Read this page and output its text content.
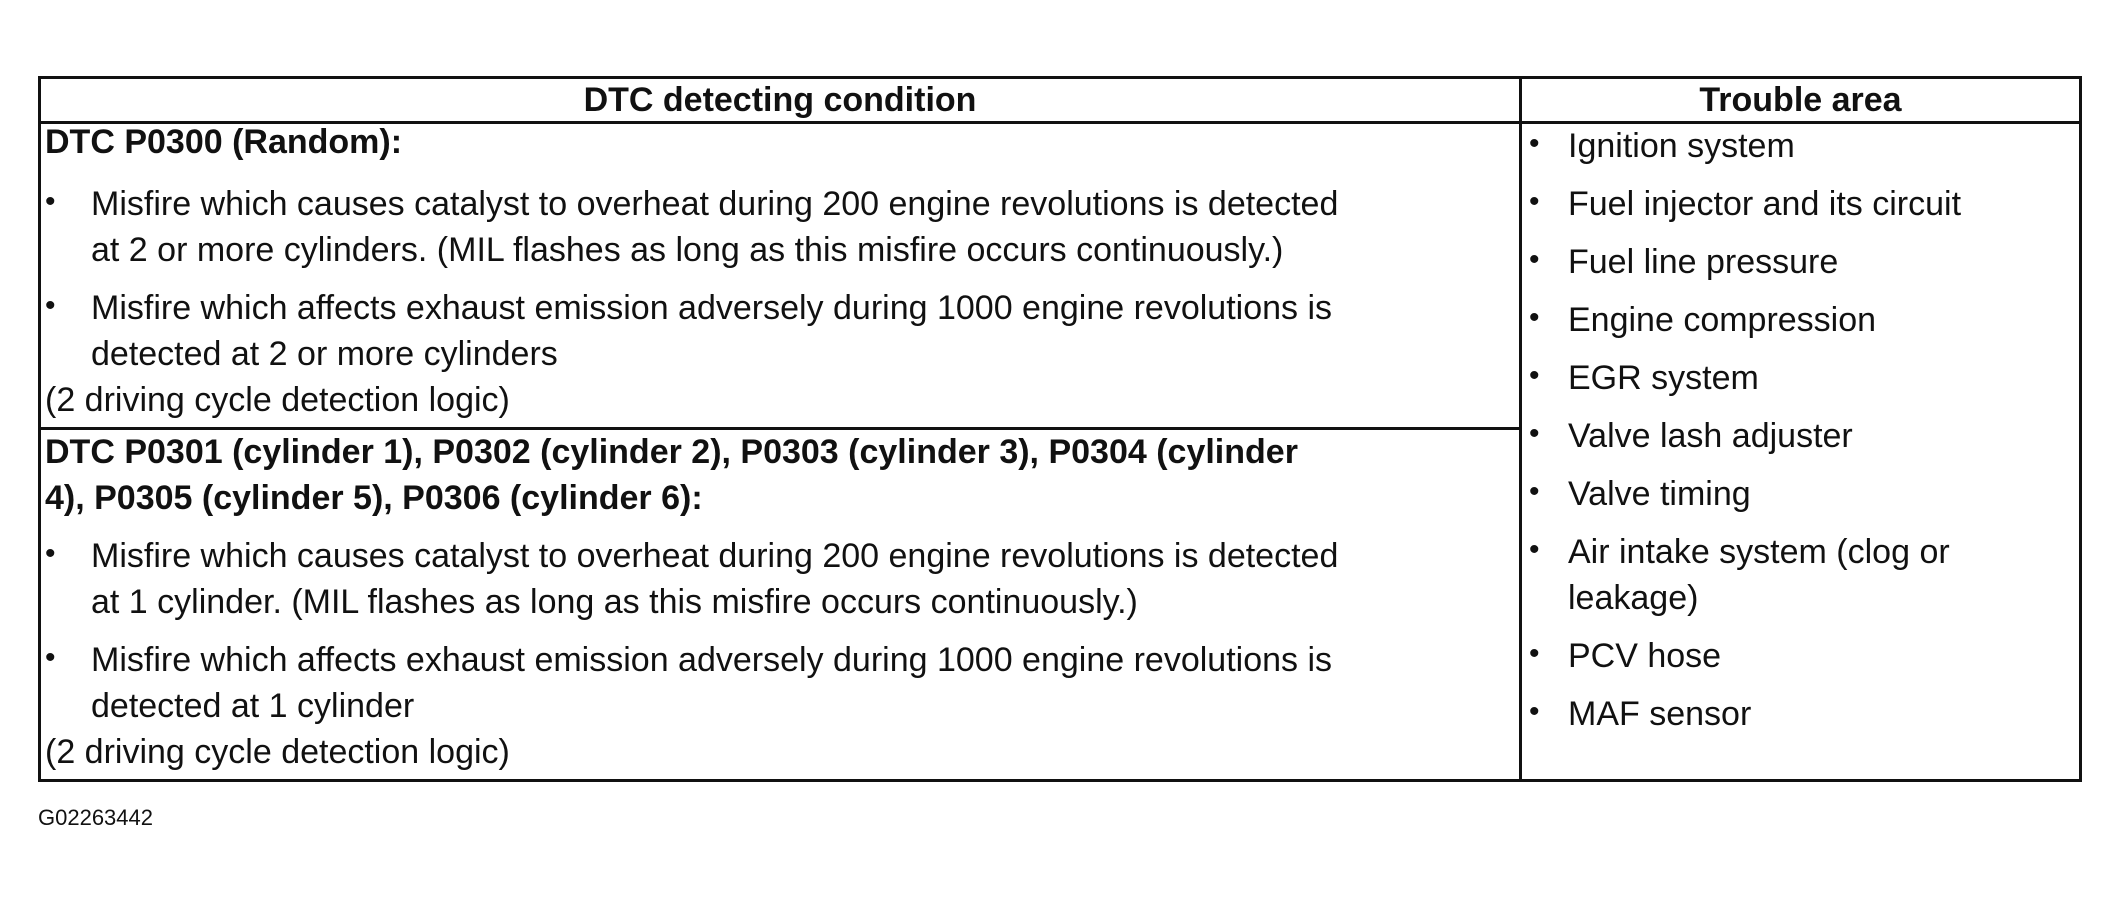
DTC detecting condition	Trouble area
DTC P0300 (Random):
• Misfire which causes catalyst to overheat during 200 engine revolutions is detected
at 2 or more cylinders. (MIL flashes as long as this misfire occurs continuously.)
• Misfire which affects exhaust emission adversely during 1000 engine revolutions is
detected at 2 or more cylinders
(2 driving cycle detection logic)
DTC P0301 (cylinder 1), P0302 (cylinder 2), P0303 (cylinder 3), P0304 (cylinder
4), P0305 (cylinder 5), P0306 (cylinder 6):
• Misfire which causes catalyst to overheat during 200 engine revolutions is detected
at 1 cylinder. (MIL flashes as long as this misfire occurs continuously.)
• Misfire which affects exhaust emission adversely during 1000 engine revolutions is
detected at 1 cylinder
(2 driving cycle detection logic)
• Ignition system
• Fuel injector and its circuit
• Fuel line pressure
• Engine compression
• EGR system
• Valve lash adjuster
• Valve timing
• Air intake system (clog or
leakage)
• PCV hose
• MAF sensor
G02263442
